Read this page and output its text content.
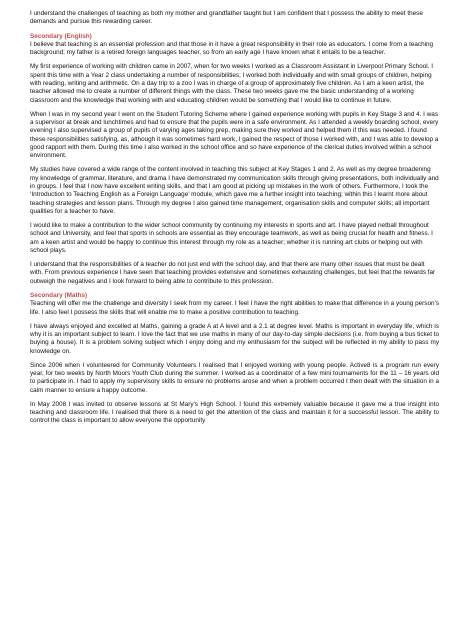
I understand the challenges of teaching as both my mother and grandfather taught but I am confident that I possess the ability to meet these demands and pursue this rewarding career.

Secondary (English)

I believe that teaching is an essential profession and that those in it have a great responsibility in their role as educators. I come from a teaching background; my father is a retired foreign languages teacher, so from an early age I have known what it entails to be a teacher.

My first experience of working with children came in 2007, when for two weeks I worked as a Classroom Assistant in Liverpool Primary School. I spent this time with a Year 2 class undertaking a number of responsibilities; I worked both individually and with small groups of children, helping with reading, writing and arithmetic. On a day trip to a zoo I was in charge of a group of approximately five children. As I am a keen artist, the teacher allowed me to create a number of different things with the class. These two weeks gave me the basic understanding of a working classroom and the knowledge that working with and educating children would be something that I would like to continue in future.

When I was in my second year I went on the Student Tutoring Scheme where I gained experience working with pupils in Key Stage 3 and 4. I was a supervisor at break and lunchtimes and had to ensure that the pupils were in a safe environment. As I attended a weekly boarding school, every evening I also supervised a group of pupils of varying ages taking prep, making sure they worked and helped them if this was needed. I found these responsibilities satisfying, as, although it was sometimes hard work, I gained the respect of those I worked with, and I was able to develop a good rapport with them. During this time I also worked in the school office and so have experience of the clerical duties involved within a school environment.

My studies have covered a wide range of the content involved in teaching this subject at Key Stages 1 and 2. As well as my degree broadening my knowledge of grammar, literature, and drama I have demonstrated my communication skills through giving presentations, both individually and in groups. I feel that I now have excellent writing skills, and that I am good at picking up mistakes in the work of others. Furthermore, I took the ‘Introduction to Teaching English as a Foreign Language’ module, which gave me a further insight into teaching; within this I learnt more about teaching strategies and lesson plans. Through my degree I also gained time management, organisation skills and computer skills; all important qualities for a teacher to have.

I would like to make a contribution to the wider school community by continuing my interests in sports and art. I have played netball throughout school and University, and feel that sports in schools are essential as they encourage teamwork, as well as being crucial for health and fitness. I am a keen artist and would be happy to continue this interest through my role as a teacher; whether it is running art clubs or helping out with school plays.

I understand that the responsibilities of a teacher do not just end with the school day, and that there are many other issues that must be dealt with. From previous experience I have seen that teaching provides extensive and sometimes exhausting challenges, but feel that the rewards far outweigh the negatives and I look forward to being able to contribute to this profession.

Secondary (Maths)

Teaching will offer me the challenge and diversity I seek from my career. I feel I have the right abilities to make that difference in a young person’s life. I also feel I possess the skills that will enable me to make a positive contribution to teaching.

I have always enjoyed and excelled at Maths, gaining a grade A at A level and a 2.1 at degree level. Maths is important in everyday life, which is why it is an important subject to learn. I love the fact that we use maths in many of our day-to-day simple decisions (i.e. from buying a bus ticket to buying a house). It is a problem solving subject which I enjoy doing and my enthusiasm for the subject will be reflected in my ability to pass my knowledge on.

Since 2006 when I volunteered for Community Volunteers I realised that I enjoyed working with young people. Active8 is a program run every year, for two weeks by North Moors Youth Club during the summer. I worked as a coordinator of a few mini tournaments for the 11 – 16 years old to participate in. I had to apply my supervisory skills to ensure no problems arose and when a problem occurred I then dealt with the situation in a calm manner to ensure a happy outcome.

In May 2008 I was invited to observe lessons at St Mary’s High School. I found this extremely valuable because it gave me a true insight into teaching and classroom life. I realised that there is a need to get the attention of the class and maintain it for a successful lesson. The ability to control the class is important to allow everyone the opportunity
